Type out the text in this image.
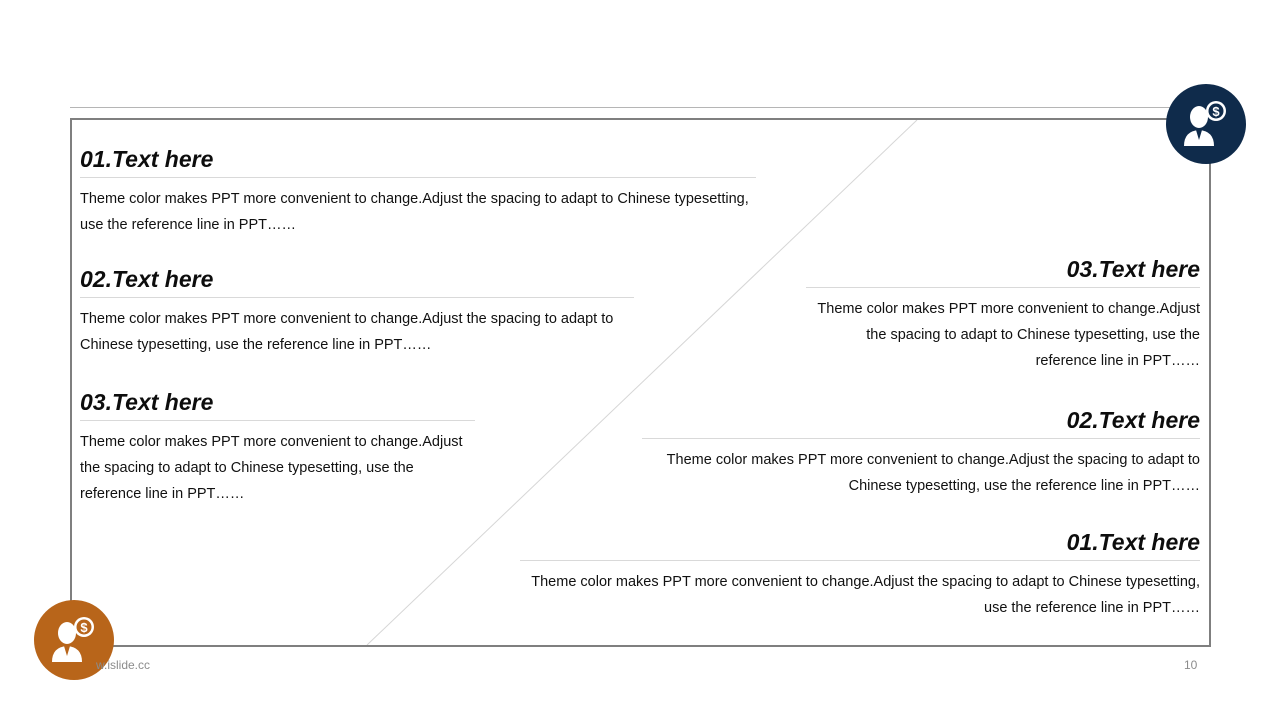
01.Text here

Theme color makes PPT more convenient to change.Adjust the spacing to adapt to Chinese typesetting, use the reference line in PPT……

02.Text here

Theme color makes PPT more convenient to change.Adjust the spacing to adapt to Chinese typesetting, use the reference line in PPT……

03.Text here

Theme color makes PPT more convenient to change.Adjust the spacing to adapt to Chinese typesetting, use the reference line in PPT……

03.Text here

Theme color makes PPT more convenient to change.Adjust the spacing to adapt to Chinese typesetting, use the reference line in PPT……

02.Text here

Theme color makes PPT more convenient to change.Adjust the spacing to adapt to Chinese typesetting, use the reference line in PPT……

01.Text here

Theme color makes PPT more convenient to change.Adjust the spacing to adapt to Chinese typesetting, use the reference line in PPT……

$
$
w.islide.cc	10
